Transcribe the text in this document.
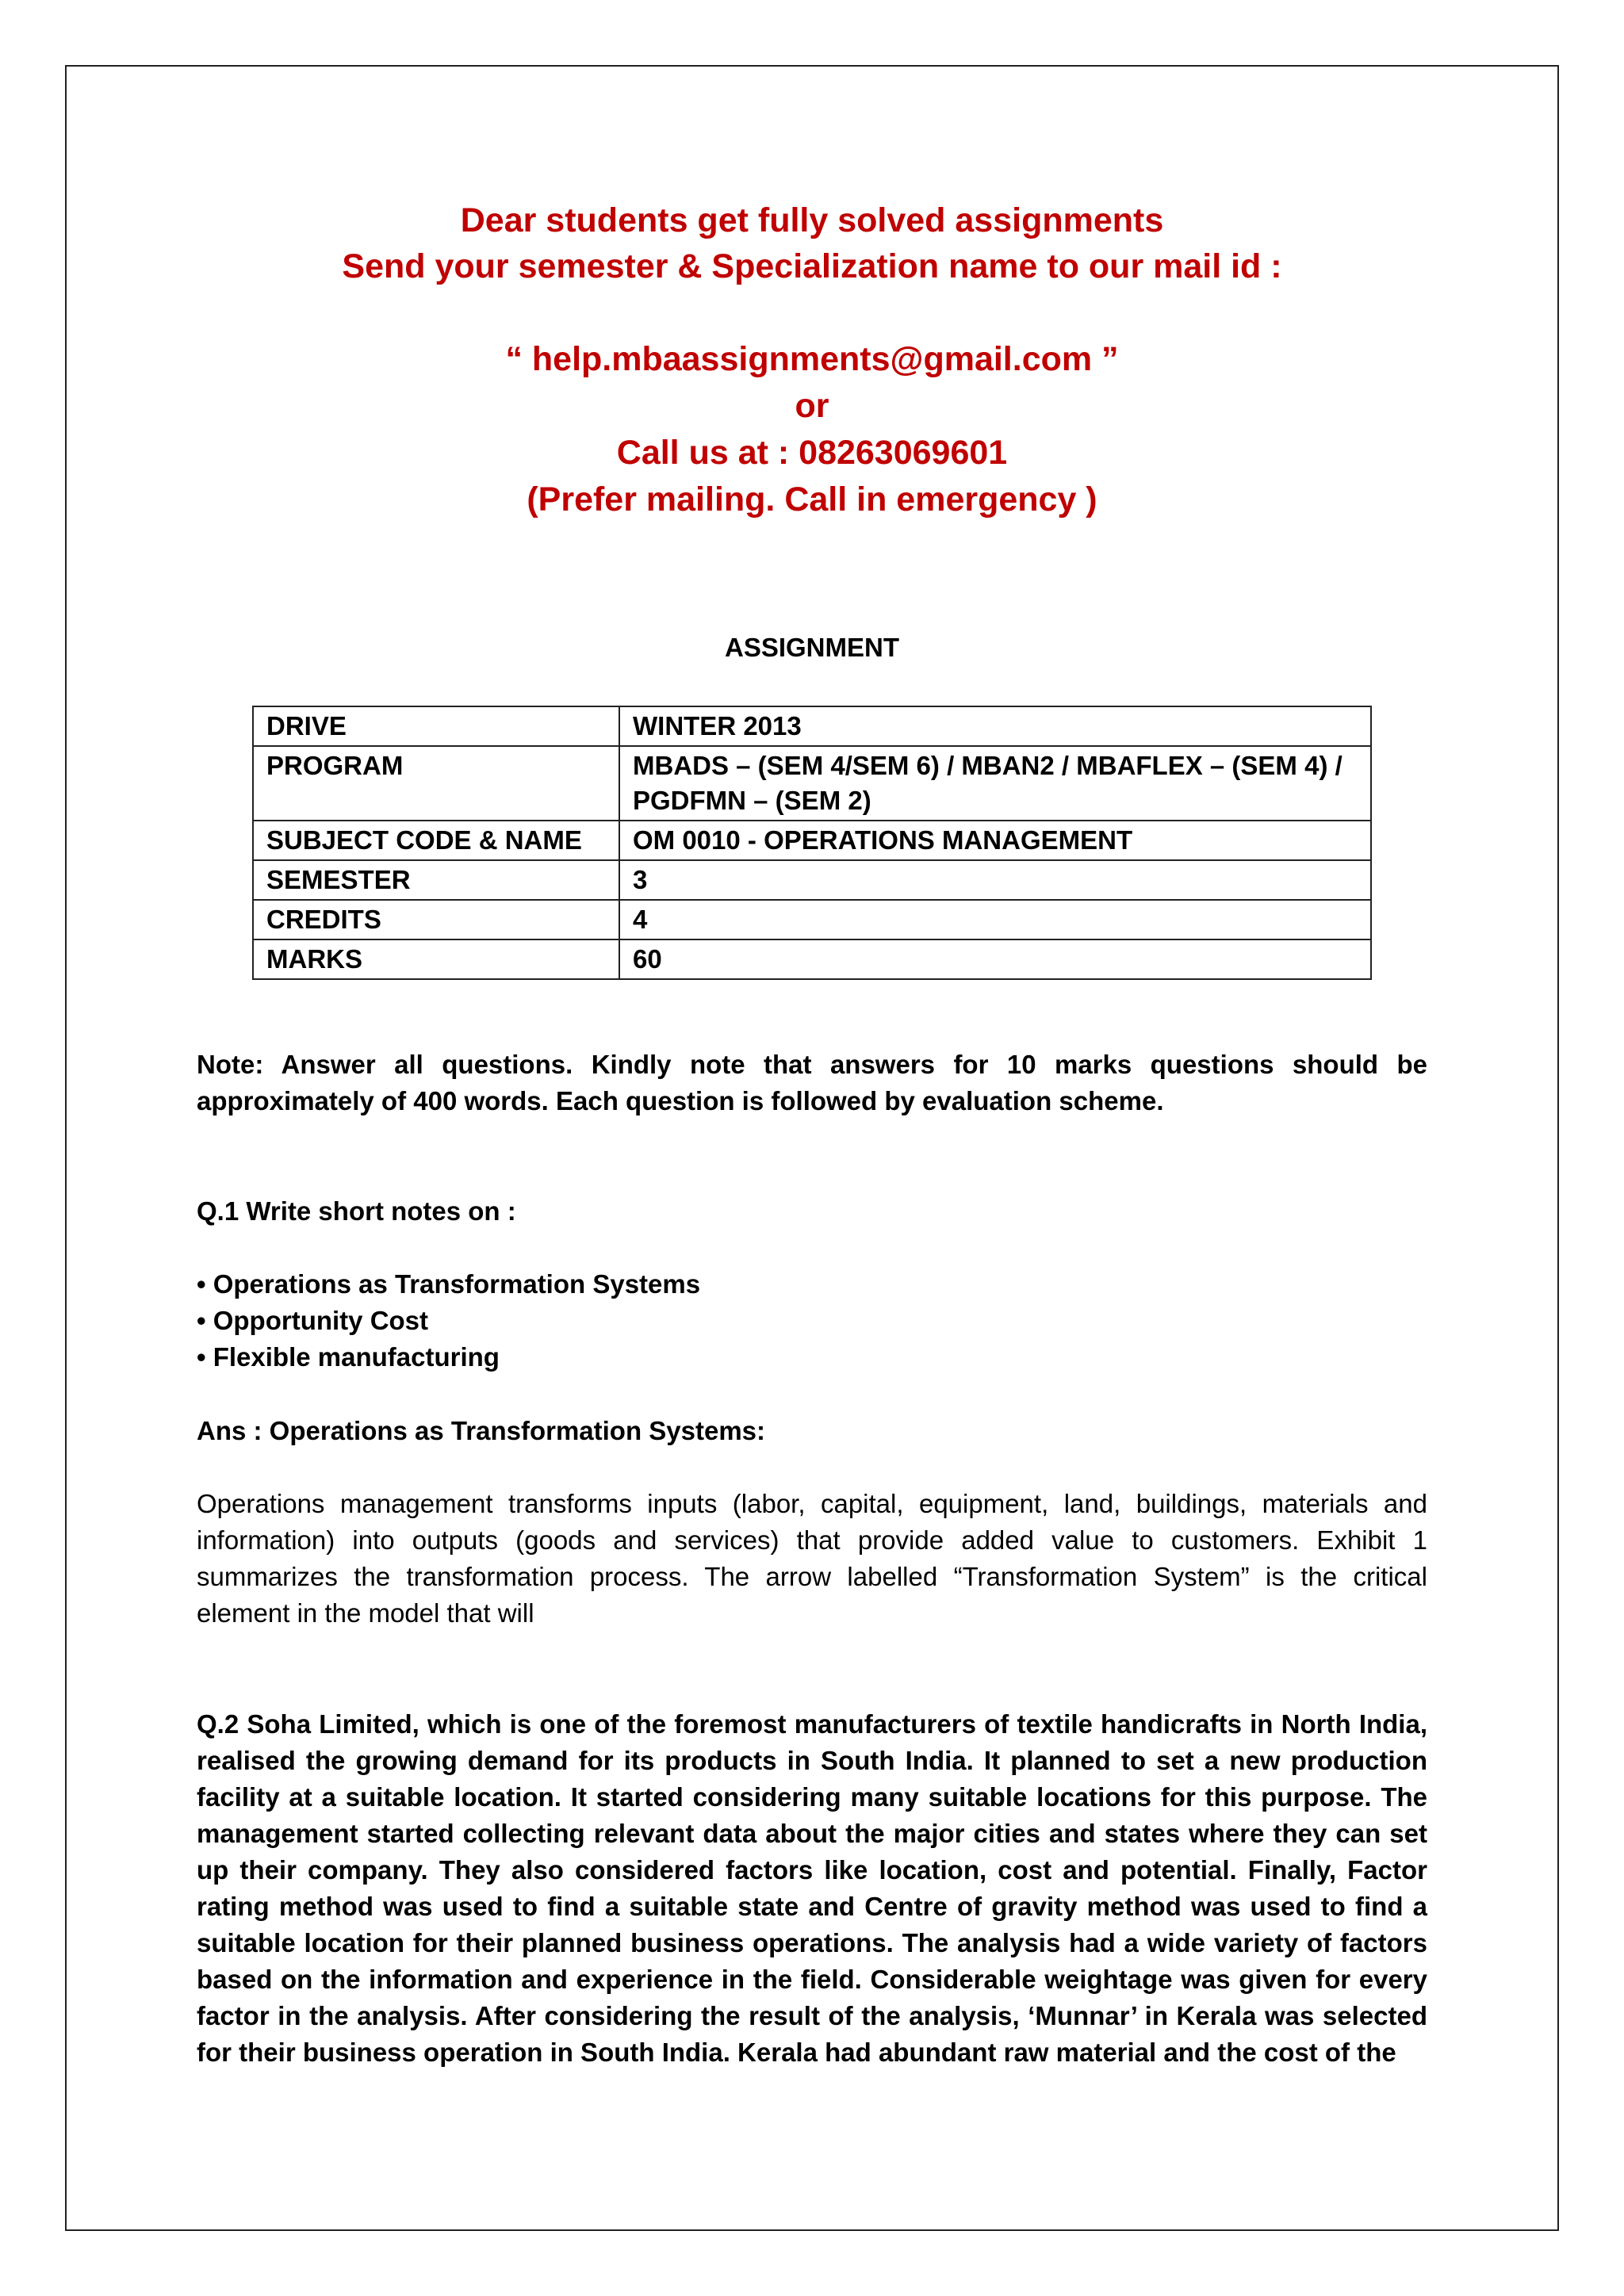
Dear students get fully solved assignments
Send your semester & Specialization name to our mail id :
“ help.mbaassignments@gmail.com ”
or
Call us at : 08263069601
(Prefer mailing. Call in emergency )
ASSIGNMENT
DRIVE	WINTER 2013
PROGRAM	MBADS – (SEM 4/SEM 6) / MBAN2 / MBAFLEX – (SEM 4) / PGDFMN – (SEM 2)
SUBJECT CODE & NAME	OM 0010 - OPERATIONS MANAGEMENT
SEMESTER	3
CREDITS	4
MARKS	60
Note: Answer all questions. Kindly note that answers for 10 marks questions should be approximately of 400 words. Each question is followed by evaluation scheme.
Q.1 Write short notes on :
• Operations as Transformation Systems
• Opportunity Cost
• Flexible manufacturing
Ans : Operations as Transformation Systems:
Operations management transforms inputs (labor, capital, equipment, land, buildings, materials and information) into outputs (goods and services) that provide added value to customers. Exhibit 1 summarizes the transformation process. The arrow labelled “Transformation System” is the critical element in the model that will
Q.2 Soha Limited, which is one of the foremost manufacturers of textile handicrafts in North India, realised the growing demand for its products in South India. It planned to set a new production facility at a suitable location. It started considering many suitable locations for this purpose. The management started collecting relevant data about the major cities and states where they can set up their company. They also considered factors like location, cost and potential. Finally, Factor rating method was used to find a suitable state and Centre of gravity method was used to find a suitable location for their planned business operations. The analysis had a wide variety of factors based on the information and experience in the field. Considerable weightage was given for every factor in the analysis. After considering the result of the analysis, ‘Munnar’ in Kerala was selected for their business operation in South India. Kerala had abundant raw material and the cost of the
